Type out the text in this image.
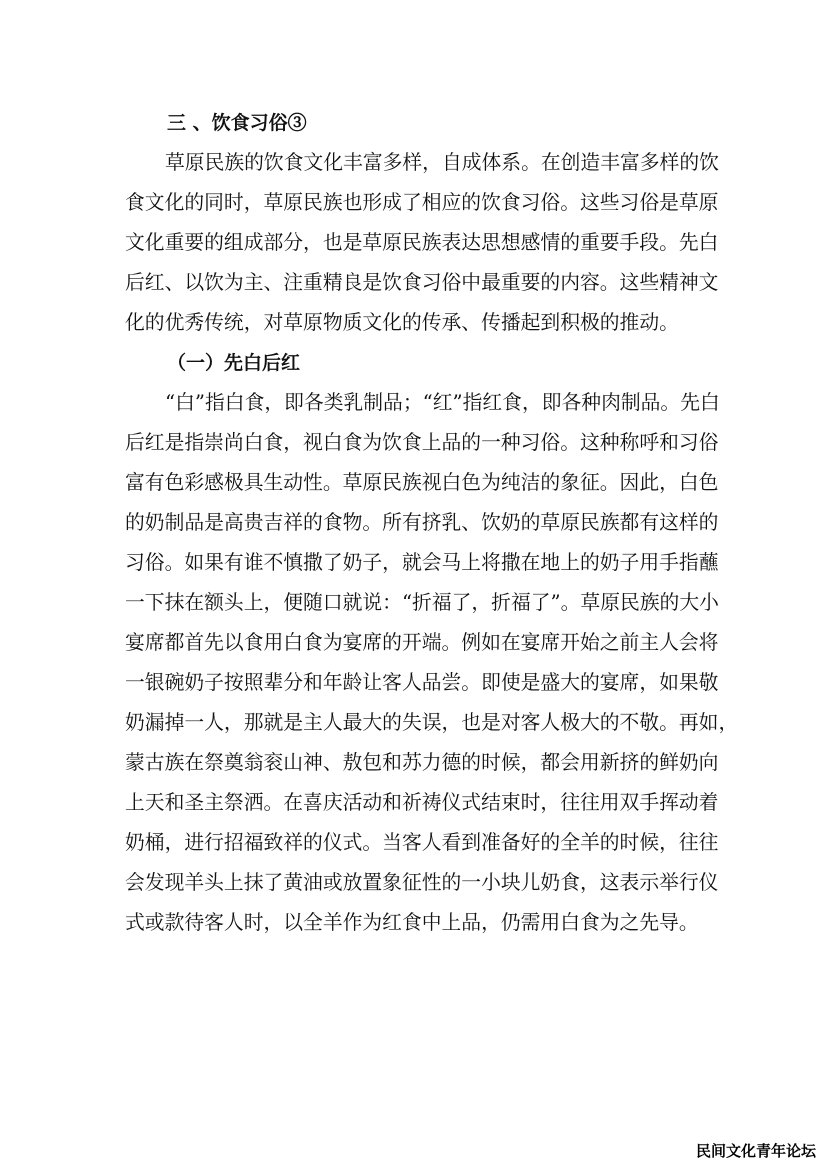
三 、饮食习俗③
草原民族的饮食文化丰富多样，自成体系。在创造丰富多样的饮
食文化的同时，草原民族也形成了相应的饮食习俗。这些习俗是草原
文化重要的组成部分，也是草原民族表达思想感情的重要手段。先白
后红、以饮为主、注重精良是饮食习俗中最重要的内容。这些精神文
化的优秀传统，对草原物质文化的传承、传播起到积极的推动。
（一）先白后红
“白”指白食，即各类乳制品；“红”指红食，即各种肉制品。先白
后红是指崇尚白食，视白食为饮食上品的一种习俗。这种称呼和习俗
富有色彩感极具生动性。草原民族视白色为纯洁的象征。因此，白色
的奶制品是高贵吉祥的食物。所有挤乳、饮奶的草原民族都有这样的
习俗。如果有谁不慎撒了奶子，就会马上将撒在地上的奶子用手指蘸
一下抹在额头上，便随口就说：“折福了，折福了”。草原民族的大小
宴席都首先以食用白食为宴席的开端。例如在宴席开始之前主人会将
一银碗奶子按照辈分和年龄让客人品尝。即使是盛大的宴席，如果敬
奶漏掉一人，那就是主人最大的失误，也是对客人极大的不敬。再如，
蒙古族在祭奠翁衮山神、敖包和苏力德的时候，都会用新挤的鲜奶向
上天和圣主祭洒。在喜庆活动和祈祷仪式结束时，往往用双手挥动着
奶桶，进行招福致祥的仪式。当客人看到准备好的全羊的时候，往往
会发现羊头上抹了黄油或放置象征性的一小块儿奶食，这表示举行仪
式或款待客人时，以全羊作为红食中上品，仍需用白食为之先导。
民间文化青年论坛
